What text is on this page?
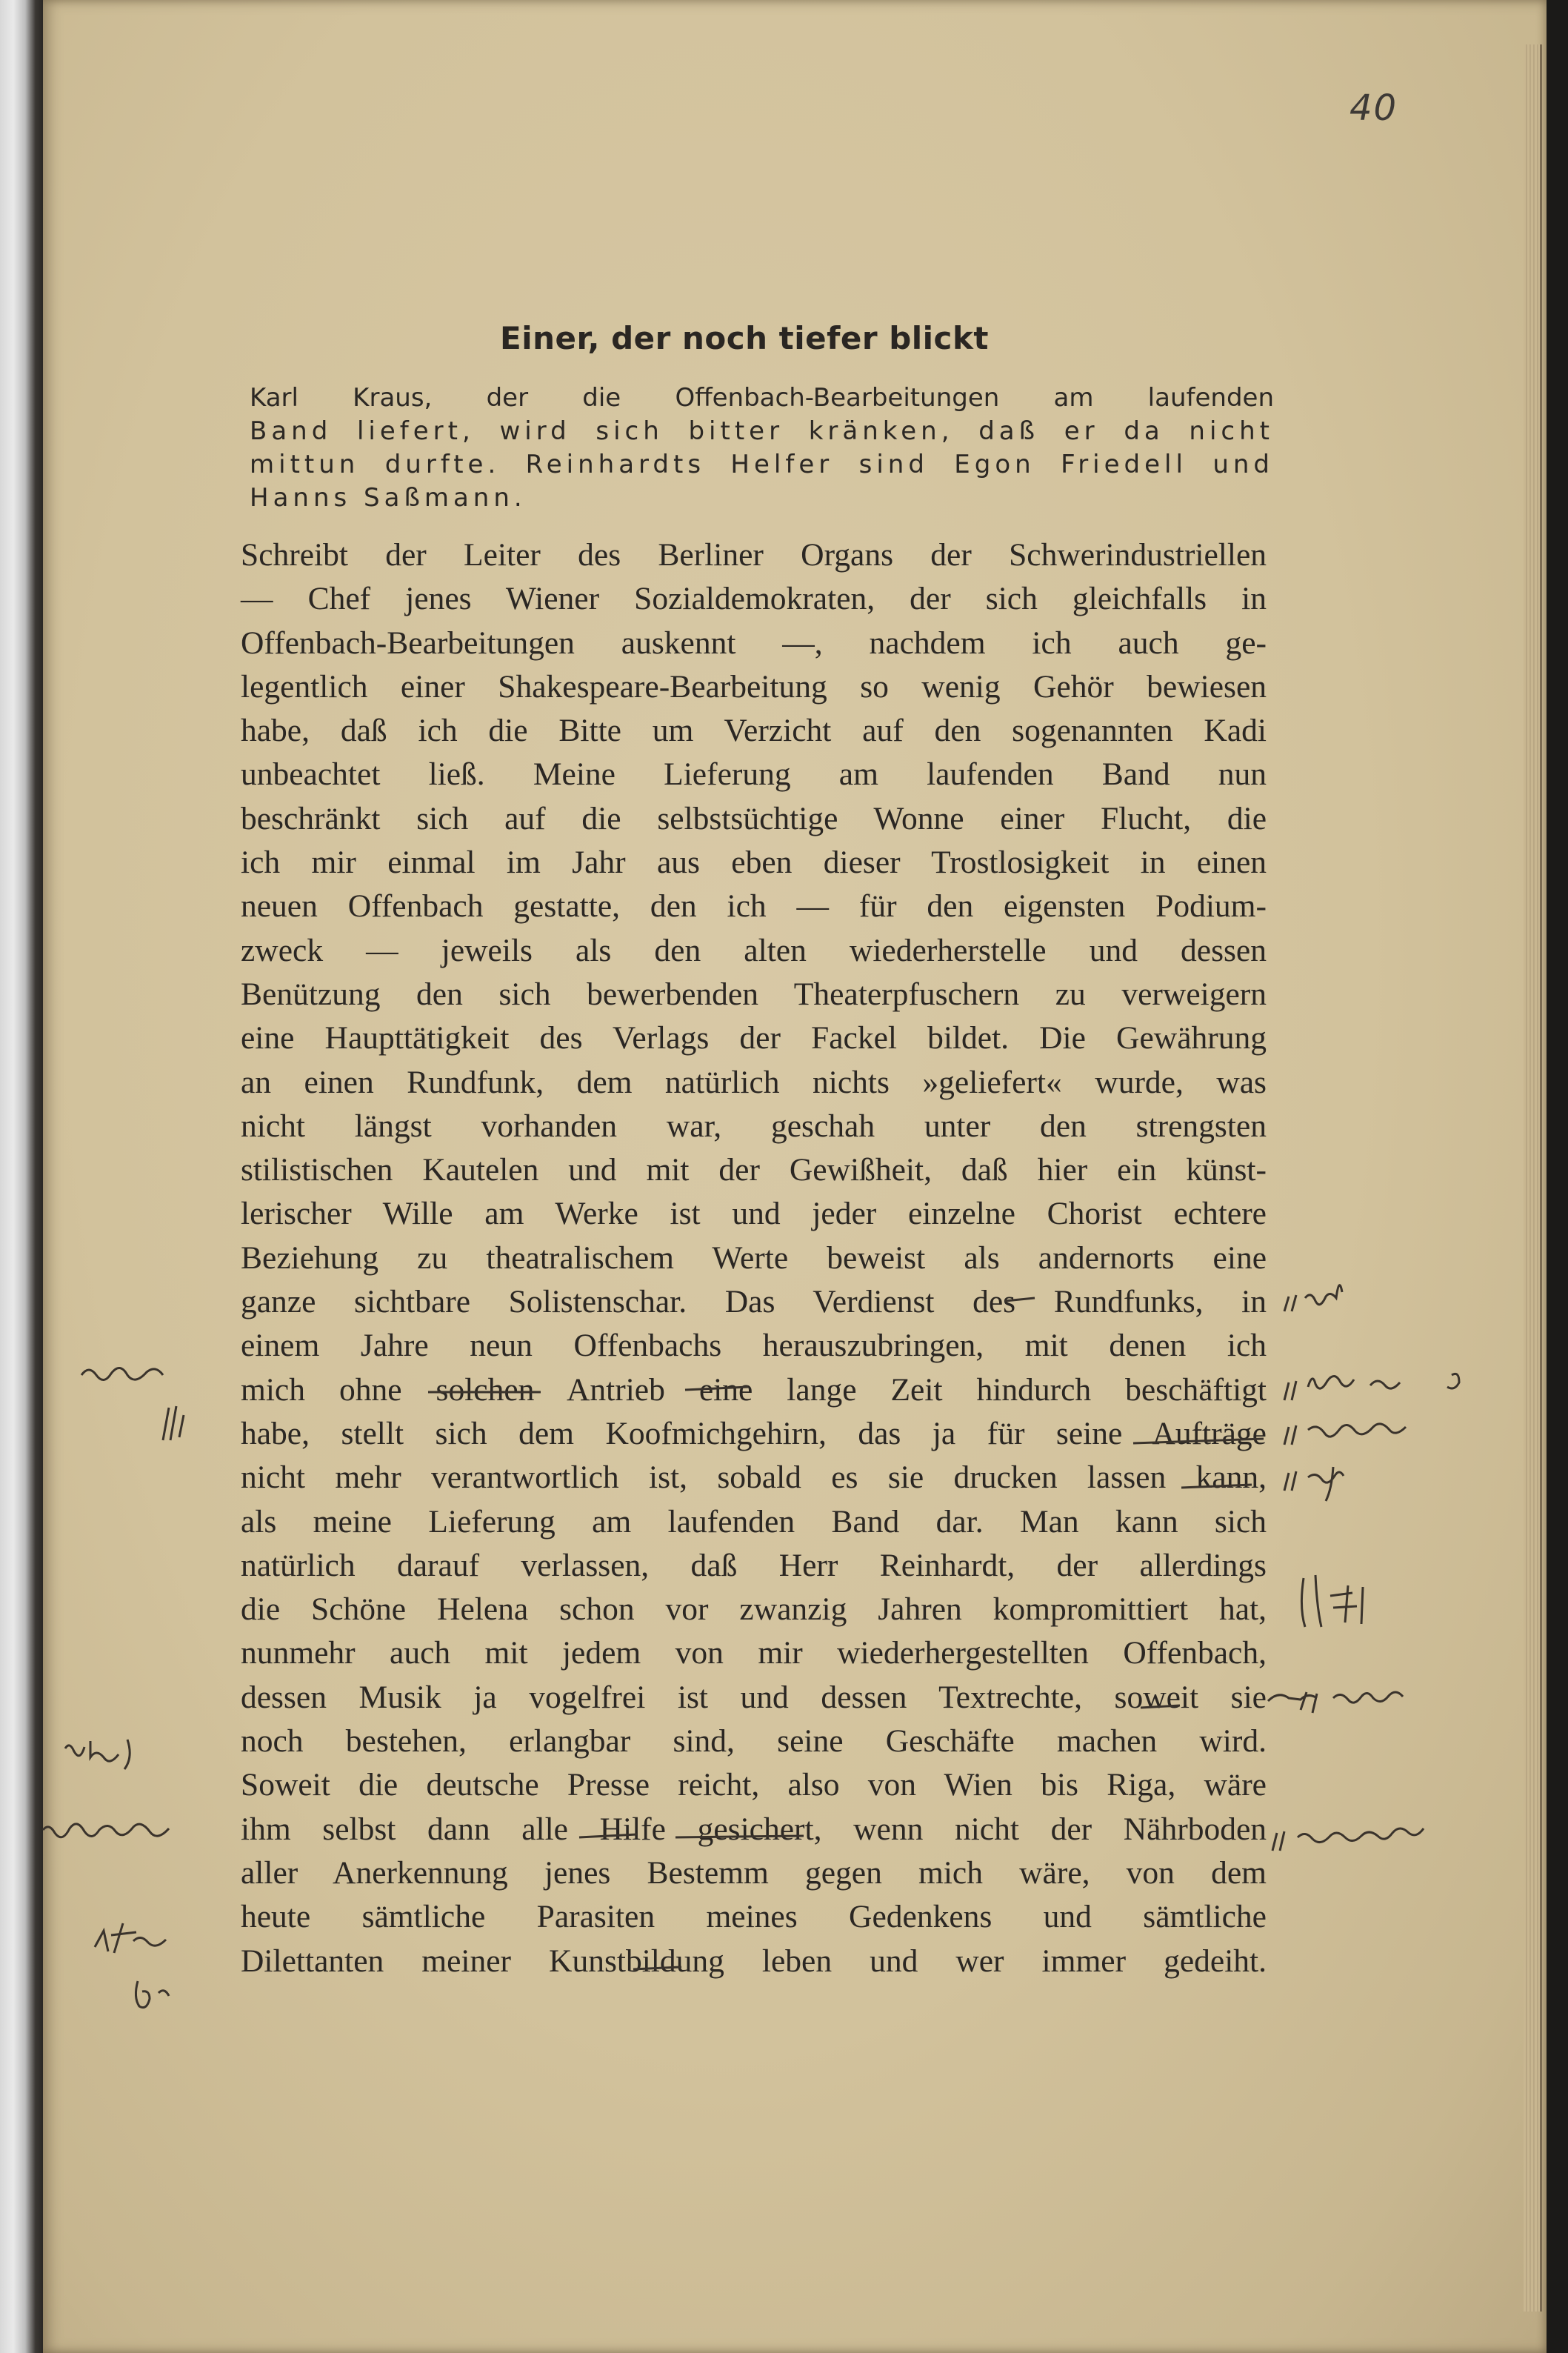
40
Einer, der noch tiefer blickt
Karl Kraus, der die Offenbach-Bearbeitungen am laufenden
Band liefert, wird sich bitter kränken, daß er da nicht
mittun durfte. Reinhardts Helfer sind Egon Friedell und
Hanns Saßmann.
Schreibt der Leiter des Berliner Organs der Schwerindustriellen
— Chef jenes Wiener Sozialdemokraten, der sich gleichfalls in
Offenbach-Bearbeitungen auskennt —, nachdem ich auch ge-
legentlich einer Shakespeare-Bearbeitung so wenig Gehör bewiesen
habe, daß ich die Bitte um Verzicht auf den sogenannten Kadi
unbeachtet ließ. Meine Lieferung am laufenden Band nun
beschränkt sich auf die selbstsüchtige Wonne einer Flucht, die
ich mir einmal im Jahr aus eben dieser Trostlosigkeit in einen
neuen Offenbach gestatte, den ich — für den eigensten Podium-
zweck — jeweils als den alten wiederherstelle und dessen
Benützung den sich bewerbenden Theaterpfuschern zu verweigern
eine Haupttätigkeit des Verlags der Fackel bildet. Die Gewährung
an einen Rundfunk, dem natürlich nichts »geliefert« wurde, was
nicht längst vorhanden war, geschah unter den strengsten
stilistischen Kautelen und mit der Gewißheit, daß hier ein künst-
lerischer Wille am Werke ist und jeder einzelne Chorist echtere
Beziehung zu theatralischem Werte beweist als andernorts eine
ganze sichtbare Solistenschar. Das Verdienst des Rundfunks, in
einem Jahre neun Offenbachs herauszubringen, mit denen ich
mich ohne solchen Antrieb eine lange Zeit hindurch beschäftigt
habe, stellt sich dem Koofmichgehirn, das ja für seine Aufträge
nicht mehr verantwortlich ist, sobald es sie drucken lassen kann,
als meine Lieferung am laufenden Band dar. Man kann sich
natürlich darauf verlassen, daß Herr Reinhardt, der allerdings
die Schöne Helena schon vor zwanzig Jahren kompromittiert hat,
nunmehr auch mit jedem von mir wiederhergestellten Offenbach,
dessen Musik ja vogelfrei ist und dessen Textrechte, soweit sie
noch bestehen, erlangbar sind, seine Geschäfte machen wird.
Soweit die deutsche Presse reicht, also von Wien bis Riga, wäre
ihm selbst dann alle Hilfe gesichert, wenn nicht der Nährboden
aller Anerkennung jenes Bestemm gegen mich wäre, von dem
heute sämtliche Parasiten meines Gedenkens und sämtliche
Dilettanten meiner Kunstbildung leben und wer immer gedeiht.
